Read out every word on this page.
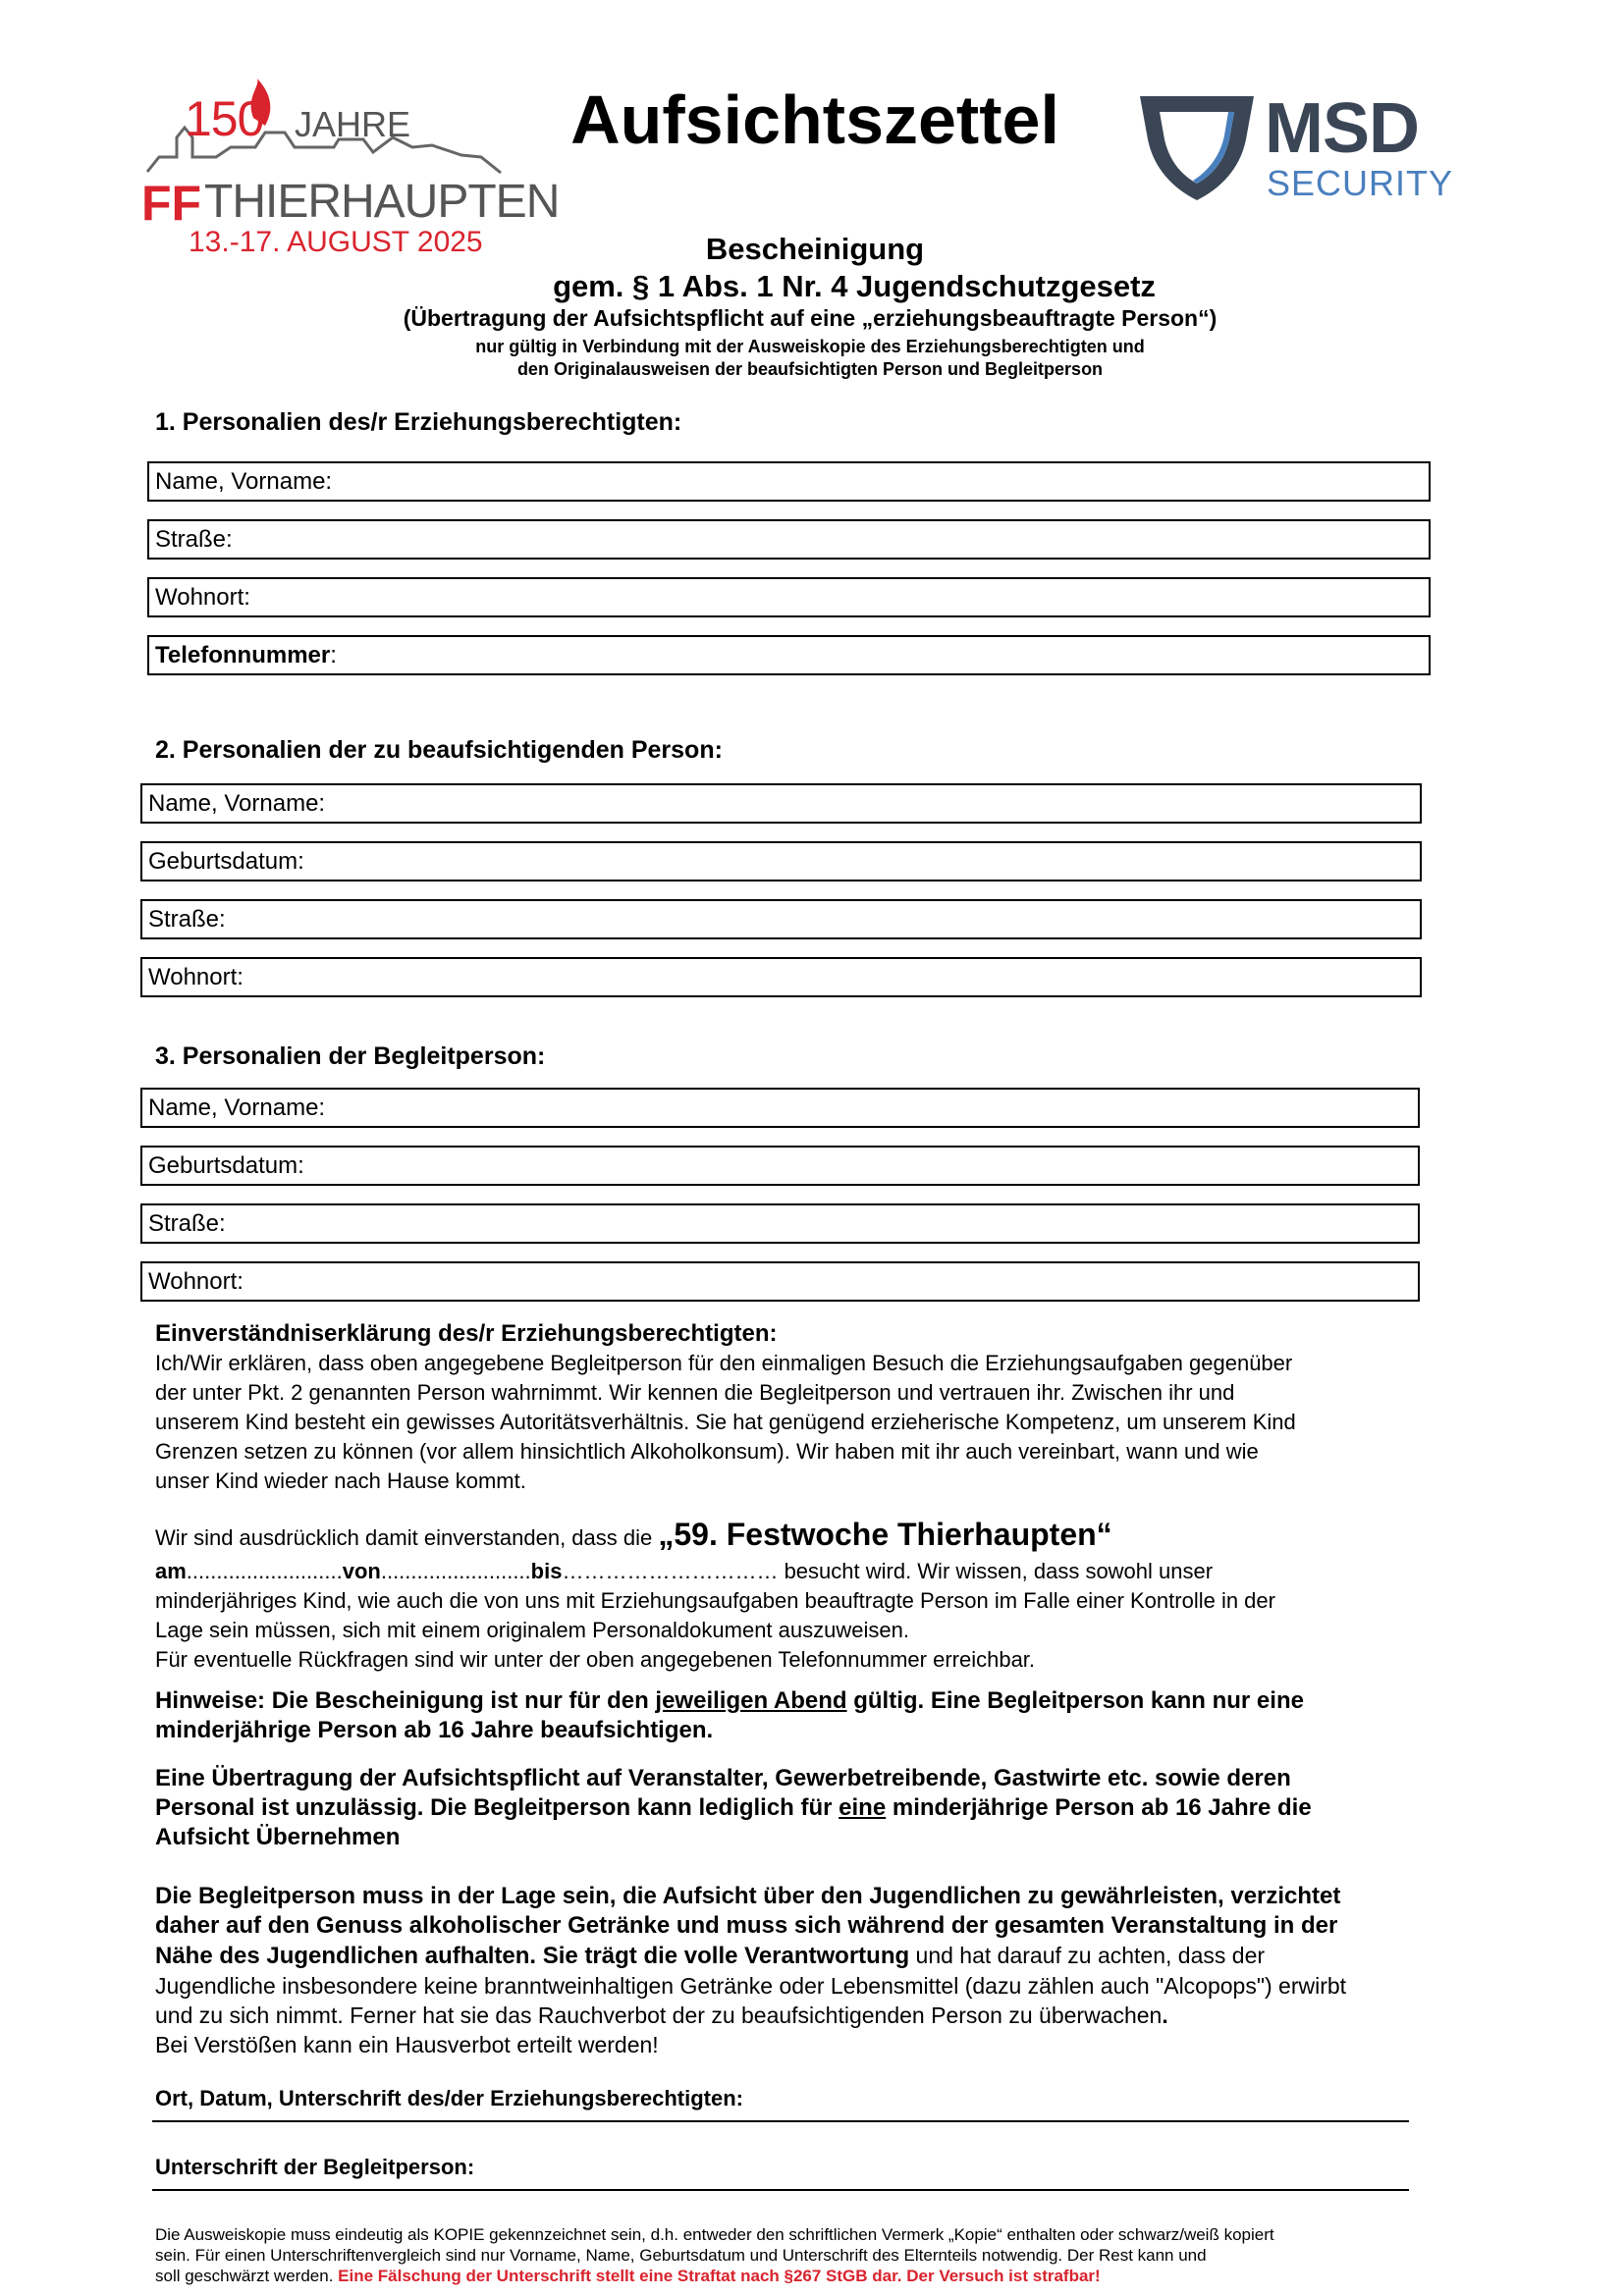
150 JAHRE
FF THIERHAUPTEN
13.-17. AUGUST 2025
Aufsichtszettel	MSD
SECURITY
Bescheinigung
gem. § 1 Abs. 1 Nr. 4 Jugendschutzgesetz
(Übertragung der Aufsichtspflicht auf eine „erziehungsbeauftragte Person“)
nur gültig in Verbindung mit der Ausweiskopie des Erziehungsberechtigten und
den Originalausweisen der beaufsichtigten Person und Begleitperson
1. Personalien des/r Erziehungsberechtigten:
Name, Vorname:
Straße:
Wohnort:
Telefonnummer:
2. Personalien der zu beaufsichtigenden Person:
Name, Vorname:
Geburtsdatum:
Straße:
Wohnort:
3. Personalien der Begleitperson:
Name, Vorname:
Geburtsdatum:
Straße:
Wohnort:
Einverständniserklärung des/r Erziehungsberechtigten:
Ich/Wir erklären, dass oben angegebene Begleitperson für den einmaligen Besuch die Erziehungsaufgaben gegenüber
der unter Pkt. 2 genannten Person wahrnimmt. Wir kennen die Begleitperson und vertrauen ihr. Zwischen ihr und
unserem Kind besteht ein gewisses Autoritätsverhältnis. Sie hat genügend erzieherische Kompetenz, um unserem Kind
Grenzen setzen zu können (vor allem hinsichtlich Alkoholkonsum). Wir haben mit ihr auch vereinbart, wann und wie
unser Kind wieder nach Hause kommt.
Wir sind ausdrücklich damit einverstanden, dass die „59. Festwoche Thierhaupten“
am..........................von.........................bis………………………… besucht wird. Wir wissen, dass sowohl unser
minderjähriges Kind, wie auch die von uns mit Erziehungsaufgaben beauftragte Person im Falle einer Kontrolle in der
Lage sein müssen, sich mit einem originalem Personaldokument auszuweisen.
Für eventuelle Rückfragen sind wir unter der oben angegebenen Telefonnummer erreichbar.
Hinweise: Die Bescheinigung ist nur für den jeweiligen Abend gültig. Eine Begleitperson kann nur eine
minderjährige Person ab 16 Jahre beaufsichtigen.
Eine Übertragung der Aufsichtspflicht auf Veranstalter, Gewerbetreibende, Gastwirte etc. sowie deren
Personal ist unzulässig. Die Begleitperson kann lediglich für eine minderjährige Person ab 16 Jahre die
Aufsicht Übernehmen
Die Begleitperson muss in der Lage sein, die Aufsicht über den Jugendlichen zu gewährleisten, verzichtet
daher auf den Genuss alkoholischer Getränke und muss sich während der gesamten Veranstaltung in der
Nähe des Jugendlichen aufhalten. Sie trägt die volle Verantwortung und hat darauf zu achten, dass der
Jugendliche insbesondere keine branntweinhaltigen Getränke oder Lebensmittel (dazu zählen auch "Alcopops") erwirbt
und zu sich nimmt. Ferner hat sie das Rauchverbot der zu beaufsichtigenden Person zu überwachen.
Bei Verstößen kann ein Hausverbot erteilt werden!
Ort, Datum, Unterschrift des/der Erziehungsberechtigten:
Unterschrift der Begleitperson:
Die Ausweiskopie muss eindeutig als KOPIE gekennzeichnet sein, d.h. entweder den schriftlichen Vermerk „Kopie“ enthalten oder schwarz/weiß kopiert
sein. Für einen Unterschriftenvergleich sind nur Vorname, Name, Geburtsdatum und Unterschrift des Elternteils notwendig. Der Rest kann und
soll geschwärzt werden. Eine Fälschung der Unterschrift stellt eine Straftat nach §267 StGB dar. Der Versuch ist strafbar!
